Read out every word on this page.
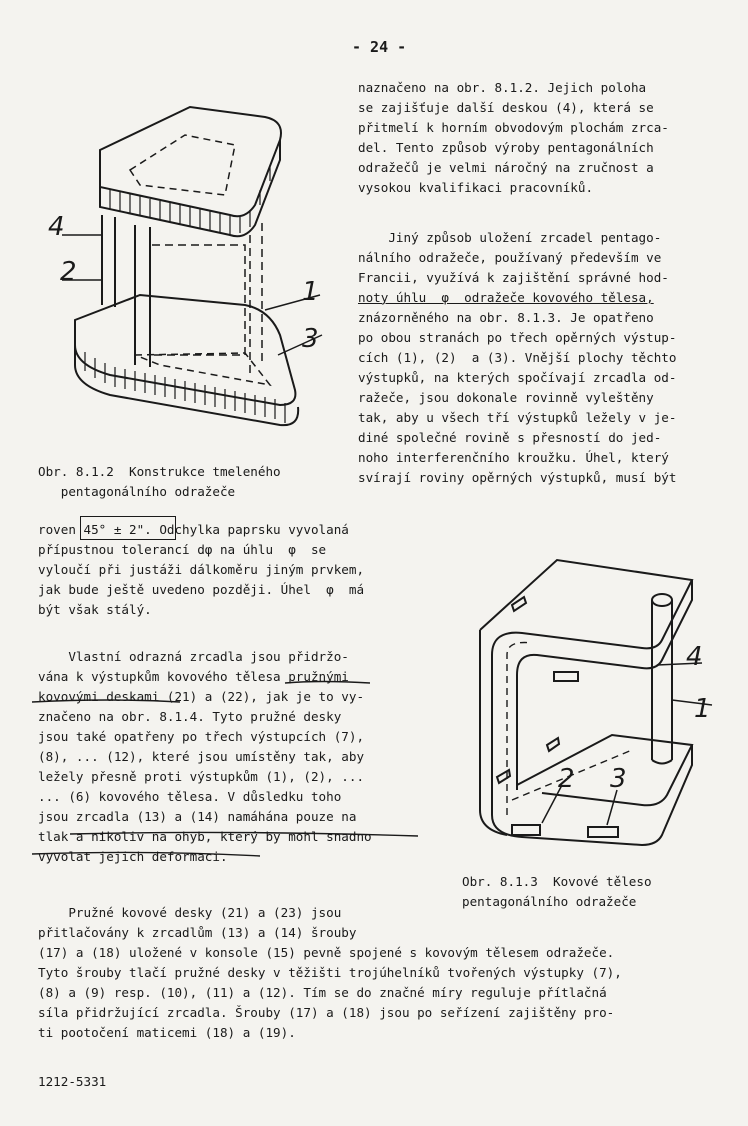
- 24 -
naznačeno na obr. 8.1.2. Jejich poloha
se zajišťuje další deskou (4), která se
přitmelí k horním obvodovým plochám zrca-
del. Tento způsob výroby pentagonálních
odražečů je velmi náročný na zručnost a
vysokou kvalifikaci pracovníků.
Jiný způsob uložení zrcadel pentago-
nálního odražeče, používaný především ve
Francii, využívá k zajištění správné hod-
noty úhlu  φ  odražeče kovového tělesa,
znázorněného na obr. 8.1.3. Je opatřeno
po obou stranách po třech opěrných výstup-
cích (1), (2)  a (3). Vnější plochy těchto
výstupků, na kterých spočívají zrcadla od-
ražeče, jsou dokonale rovinně vyleštěny
tak, aby u všech tří výstupků ležely v je-
diné společné rovině s přesností do jed-
noho interferenčního kroužku. Úhel, který
svírají roviny opěrných výstupků, musí být
4
2
1
3
Obr. 8.1.2  Konstrukce tmeleného
pentagonálního odražeče
roven 45° ± 2". Odchylka paprsku vyvolaná
přípustnou tolerancí dφ na úhlu  φ  se
vyloučí při justáži dálkoměru jiným prvkem,
jak bude ještě uvedeno později. Úhel  φ  má
být však stálý.
Vlastní odrazná zrcadla jsou přidržo-
vána k výstupkům kovového tělesa pružnými
kovovými deskami (21) a (22), jak je to vy-
značeno na obr. 8.1.4. Tyto pružné desky
jsou také opatřeny po třech výstupcích (7),
(8), ... (12), které jsou umístěny tak, aby
ležely přesně proti výstupkům (1), (2), ...
... (6) kovového tělesa. V důsledku toho
jsou zrcadla (13) a (14) namáhána pouze na
tlak a nikoliv na ohyb, který by mohl snadno
vyvolat jejich deformaci.
4
1
2 3
Obr. 8.1.3  Kovové těleso
pentagonálního odražeče
Pružné kovové desky (21) a (23) jsou
přitlačovány k zrcadlům (13) a (14) šrouby
(17) a (18) uložené v konsole (15) pevně spojené s kovovým tělesem odražeče.
Tyto šrouby tlačí pružné desky v těžišti trojúhelníků tvořených výstupky (7),
(8) a (9) resp. (10), (11) a (12). Tím se do značné míry reguluje přítlačná
síla přidržující zrcadla. Šrouby (17) a (18) jsou po seřízení zajištěny pro-
ti pootočení maticemi (18) a (19).
1212-5331
